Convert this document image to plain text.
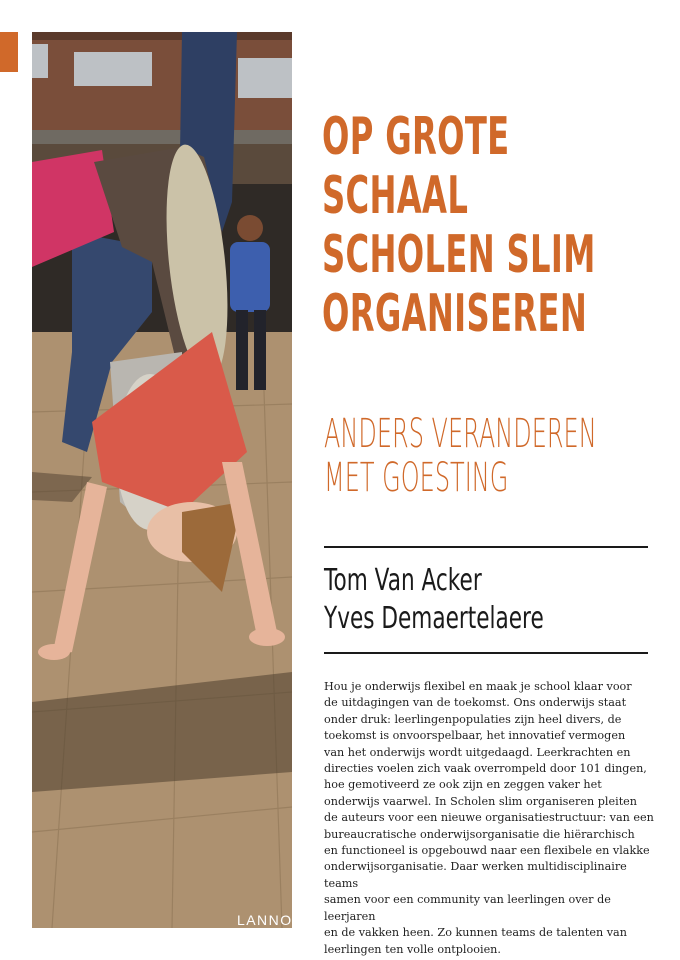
LANNOO
CAMPUS
OP GROTE
SCHAAL
SCHOLEN SLIM
ORGANISEREN
ANDERS VERANDEREN
MET GOESTING
Tom Van Acker
Yves Demaertelaere

Hou je onderwijs flexibel en maak je school klaar voor
de uitdagingen van de toekomst. Ons onderwijs staat
onder druk: leerlingenpopulaties zijn heel divers, de
toekomst is onvoorspelbaar, het innovatief vermogen
van het onderwijs wordt uitgedaagd. Leerkrachten en
directies voelen zich vaak overrompeld door 101 dingen,
hoe gemotiveerd ze ook zijn en zeggen vaker het
onderwijs vaarwel. In Scholen slim organiseren pleiten
de auteurs voor een nieuwe organisatiestructuur: van een
bureaucratische onderwijsorganisatie die hiërarchisch
en functioneel is opgebouwd naar een flexibele en vlakke
onderwijsorganisatie. Daar werken multidisciplinaire teams
samen voor een community van leerlingen over de leerjaren
en de vakken heen. Zo kunnen teams de talenten van
leerlingen ten volle ontplooien.
